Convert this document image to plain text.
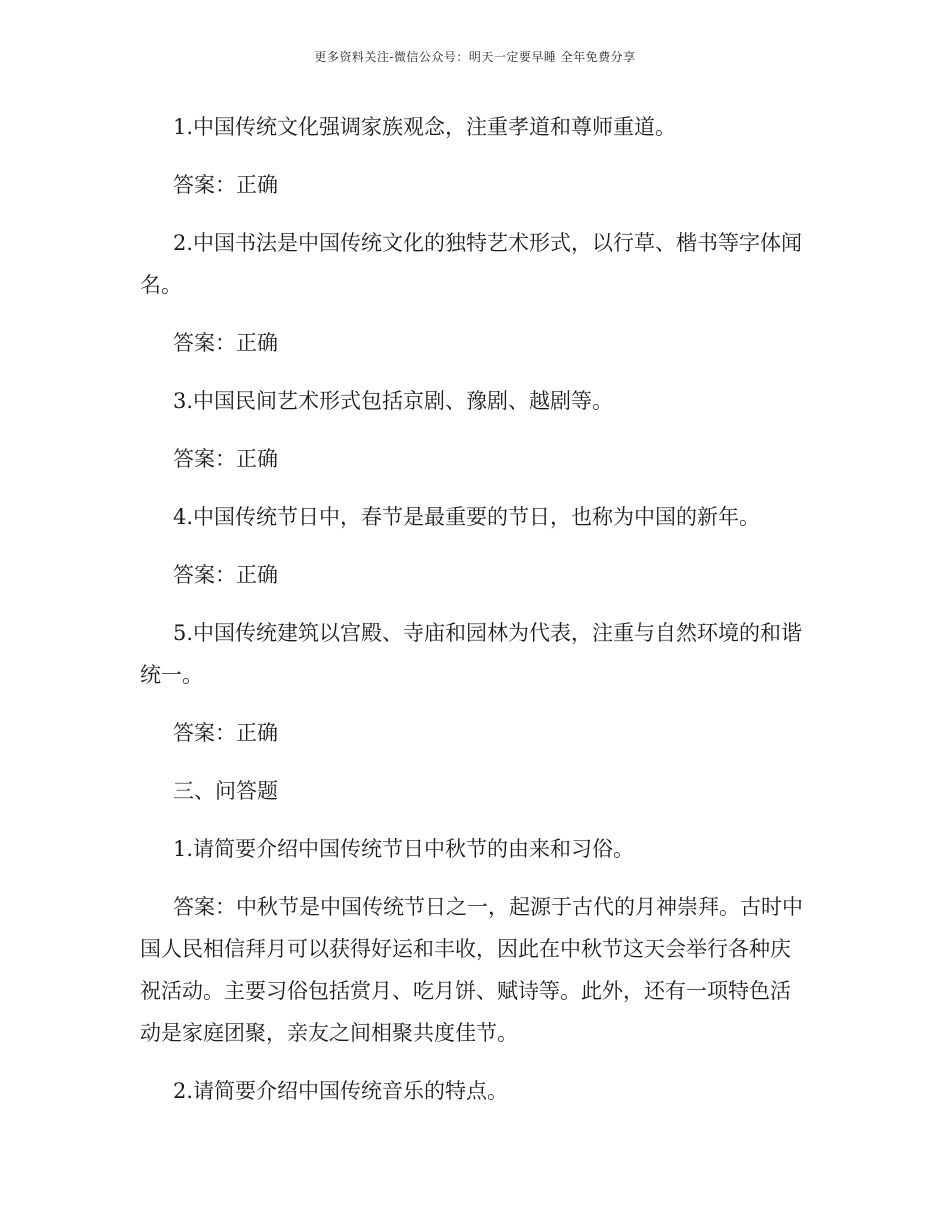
更多资料关注-微信公众号：明天一定要早睡 全年免费分享

1.中国传统文化强调家族观念，注重孝道和尊师重道。

答案：正确

2.中国书法是中国传统文化的独特艺术形式，以行草、楷书等字体闻名。

答案：正确

3.中国民间艺术形式包括京剧、豫剧、越剧等。

答案：正确

4.中国传统节日中，春节是最重要的节日，也称为中国的新年。

答案：正确

5.中国传统建筑以宫殿、寺庙和园林为代表，注重与自然环境的和谐统一。

答案：正确

三、问答题

1.请简要介绍中国传统节日中秋节的由来和习俗。

答案：中秋节是中国传统节日之一，起源于古代的月神崇拜。古时中国人民相信拜月可以获得好运和丰收，因此在中秋节这天会举行各种庆祝活动。主要习俗包括赏月、吃月饼、赋诗等。此外，还有一项特色活动是家庭团聚，亲友之间相聚共度佳节。

2.请简要介绍中国传统音乐的特点。
